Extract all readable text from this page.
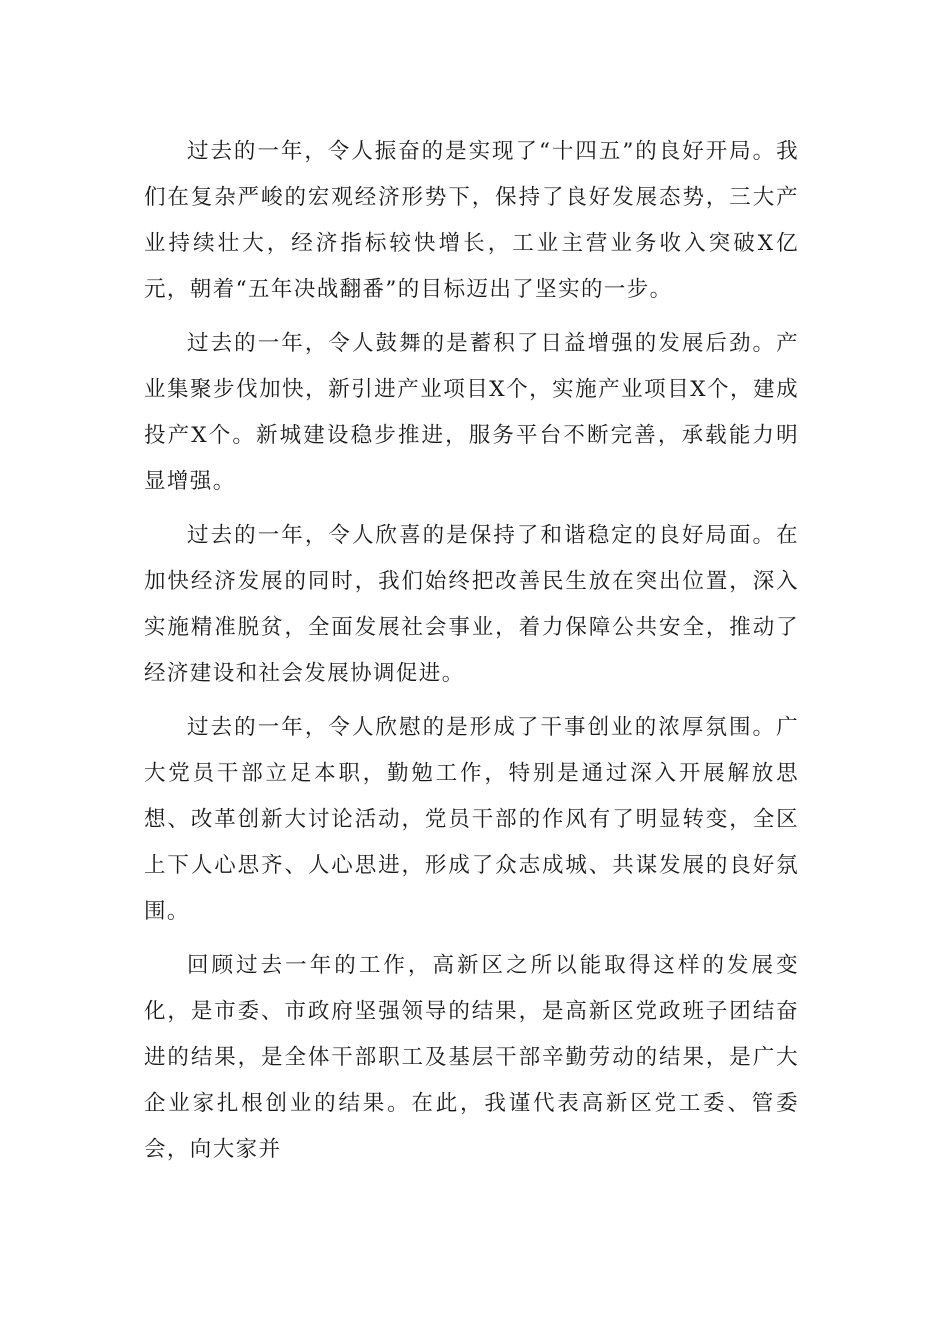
过去的一年，令人振奋的是实现了“十四五”的良好开局。我们在复杂严峻的宏观经济形势下，保持了良好发展态势，三大产业持续壮大，经济指标较快增长，工业主营业务收入突破X亿元，朝着“五年决战翻番”的目标迈出了坚实的一步。

过去的一年，令人鼓舞的是蓄积了日益增强的发展后劲。产业集聚步伐加快，新引进产业项目X个，实施产业项目X个，建成投产X个。新城建设稳步推进，服务平台不断完善，承载能力明显增强。

过去的一年，令人欣喜的是保持了和谐稳定的良好局面。在加快经济发展的同时，我们始终把改善民生放在突出位置，深入实施精准脱贫，全面发展社会事业，着力保障公共安全，推动了经济建设和社会发展协调促进。

过去的一年，令人欣慰的是形成了干事创业的浓厚氛围。广大党员干部立足本职，勤勉工作，特别是通过深入开展解放思想、改革创新大讨论活动，党员干部的作风有了明显转变，全区上下人心思齐、人心思进，形成了众志成城、共谋发展的良好氛围。

回顾过去一年的工作，高新区之所以能取得这样的发展变化，是市委、市政府坚强领导的结果，是高新区党政班子团结奋进的结果，是全体干部职工及基层干部辛勤劳动的结果，是广大企业家扎根创业的结果。在此，我谨代表高新区党工委、管委会，向大家并
